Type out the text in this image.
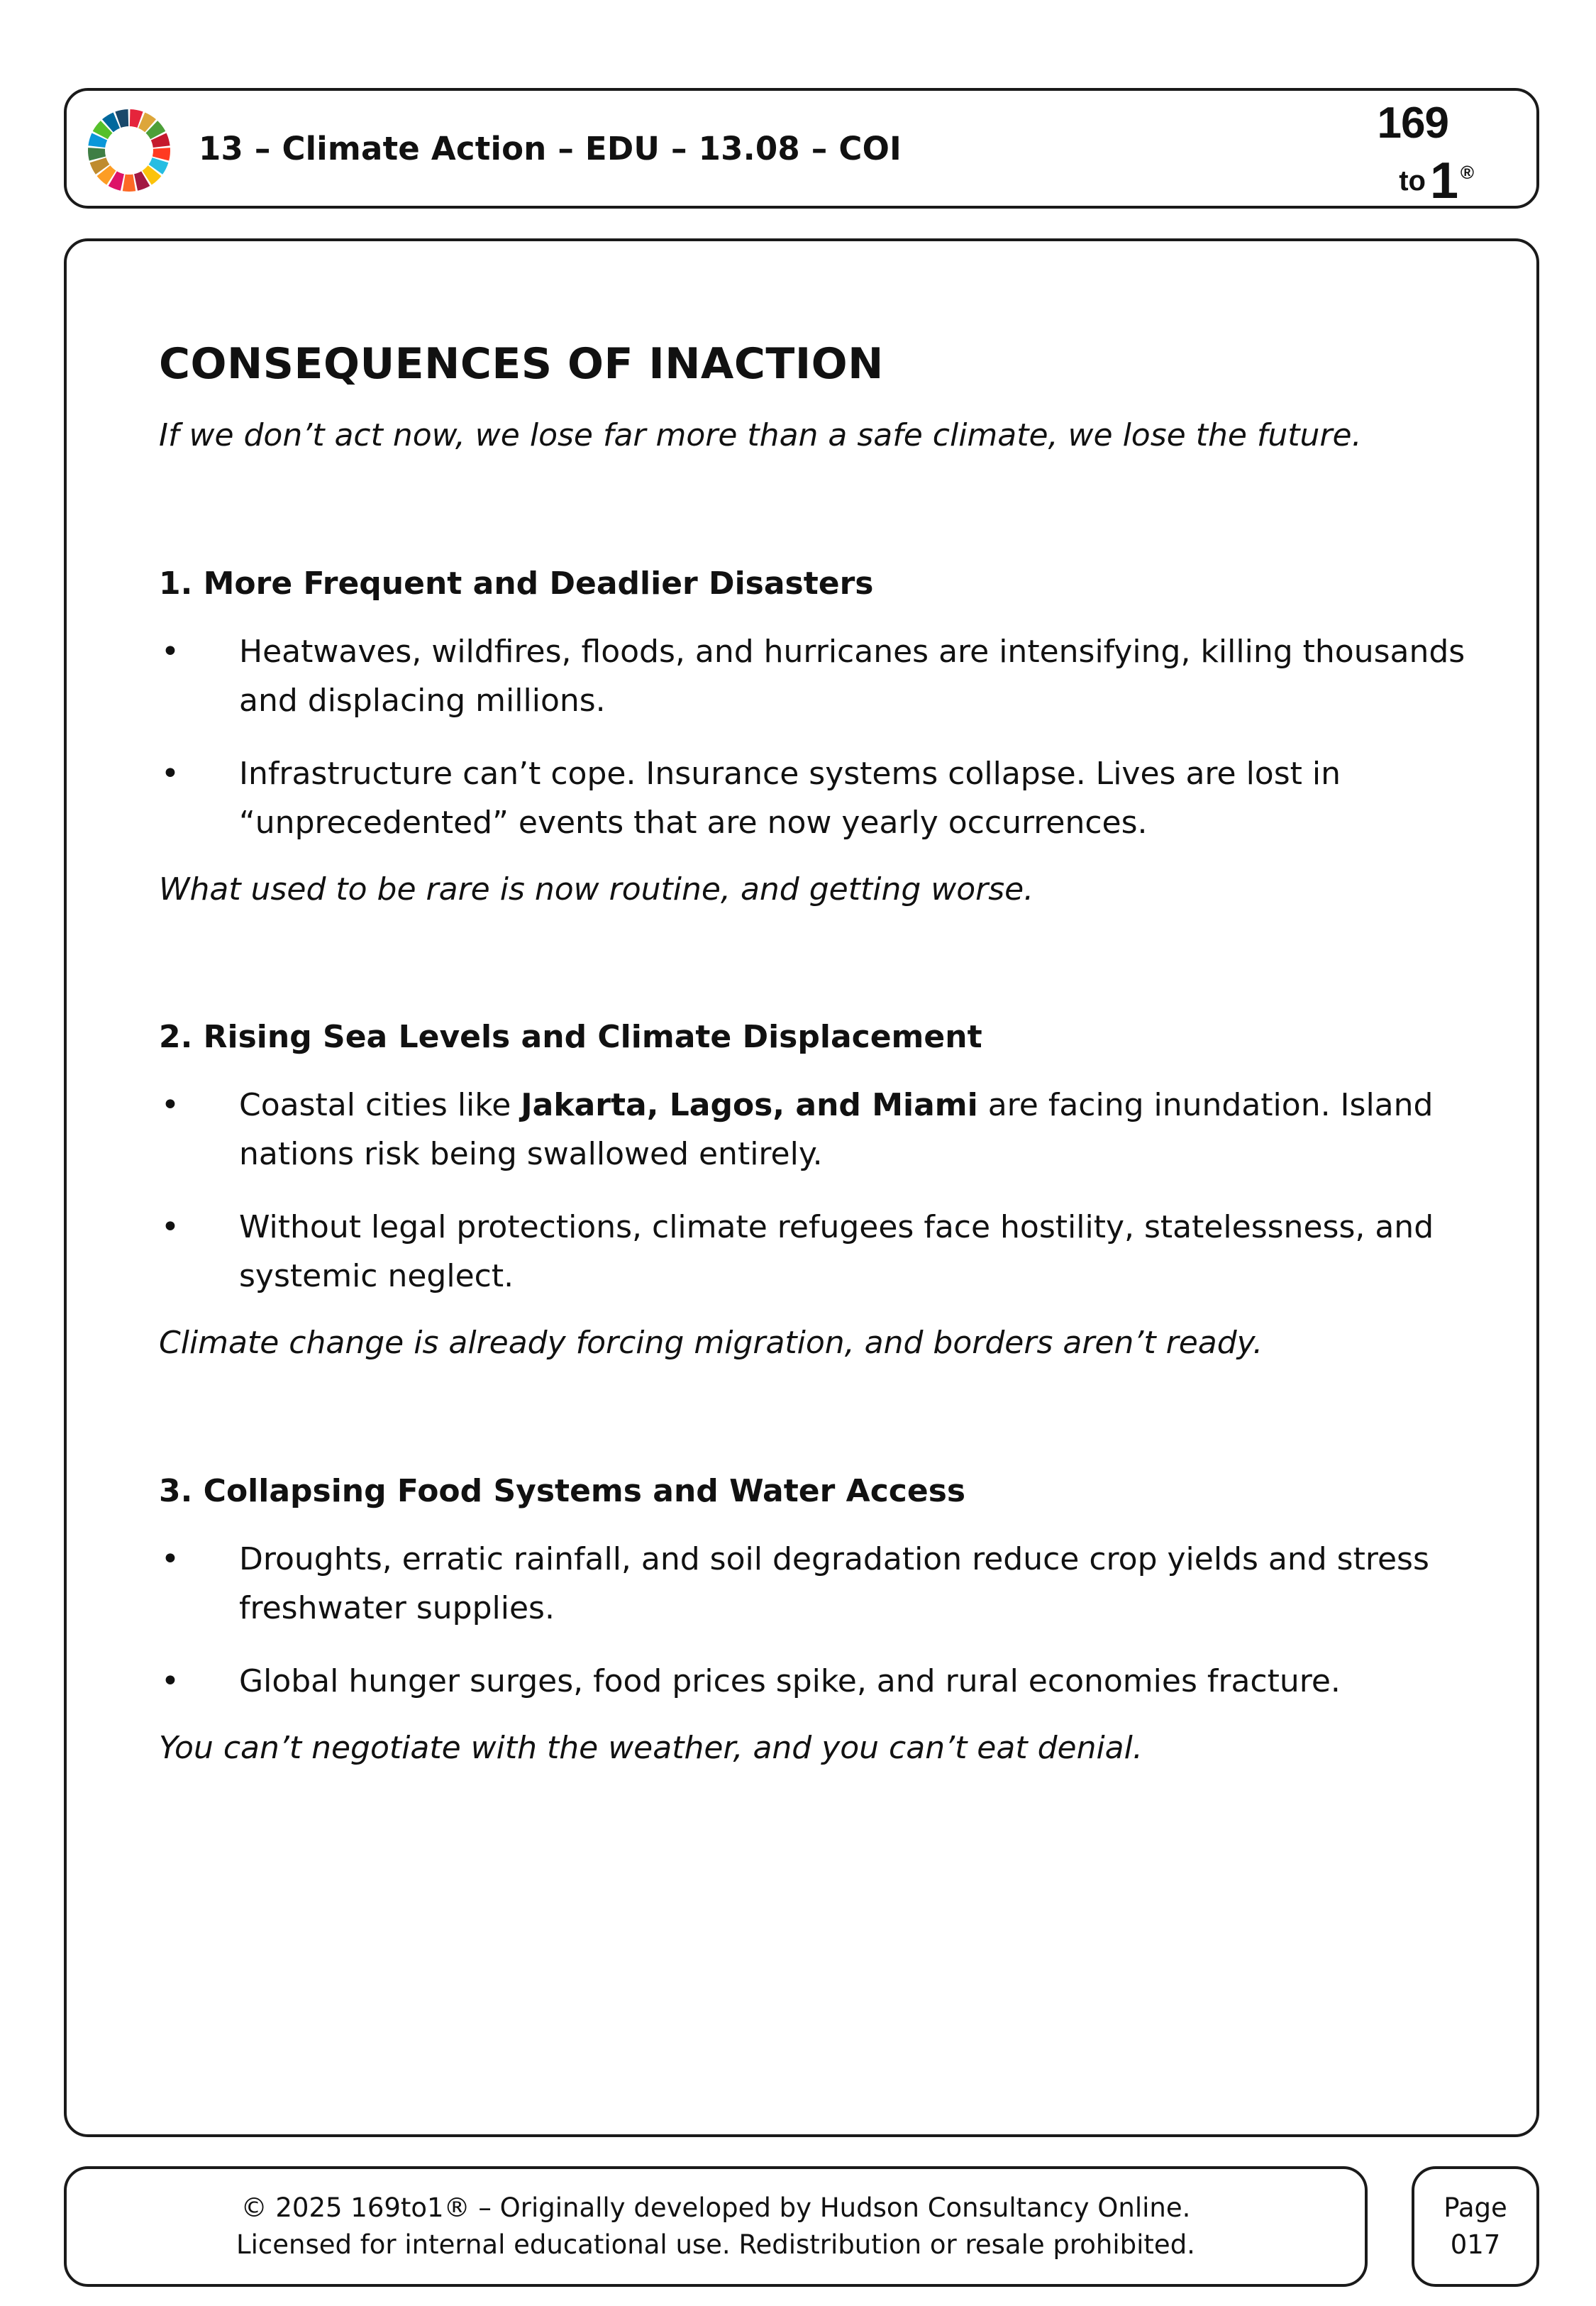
13 – Climate Action – EDU – 13.08 – COI
169
to 1 ®
CONSEQUENCES OF INACTION

If we don’t act now, we lose far more than a safe climate, we lose the future.

1. More Frequent and Deadlier Disasters
• Heatwaves, wildfires, floods, and hurricanes are intensifying, killing thousands and displacing millions.
• Infrastructure can’t cope. Insurance systems collapse. Lives are lost in “unprecedented” events that are now yearly occurrences.

What used to be rare is now routine, and getting worse.

2. Rising Sea Levels and Climate Displacement
• Coastal cities like Jakarta, Lagos, and Miami are facing inundation. Island nations risk being swallowed entirely.
• Without legal protections, climate refugees face hostility, statelessness, and systemic neglect.

Climate change is already forcing migration, and borders aren’t ready.

3. Collapsing Food Systems and Water Access
• Droughts, erratic rainfall, and soil degradation reduce crop yields and stress freshwater supplies.
• Global hunger surges, food prices spike, and rural economies fracture.

You can’t negotiate with the weather, and you can’t eat denial.

© 2025 169to1® – Originally developed by Hudson Consultancy Online.
Licensed for internal educational use. Redistribution or resale prohibited.
Page
017
